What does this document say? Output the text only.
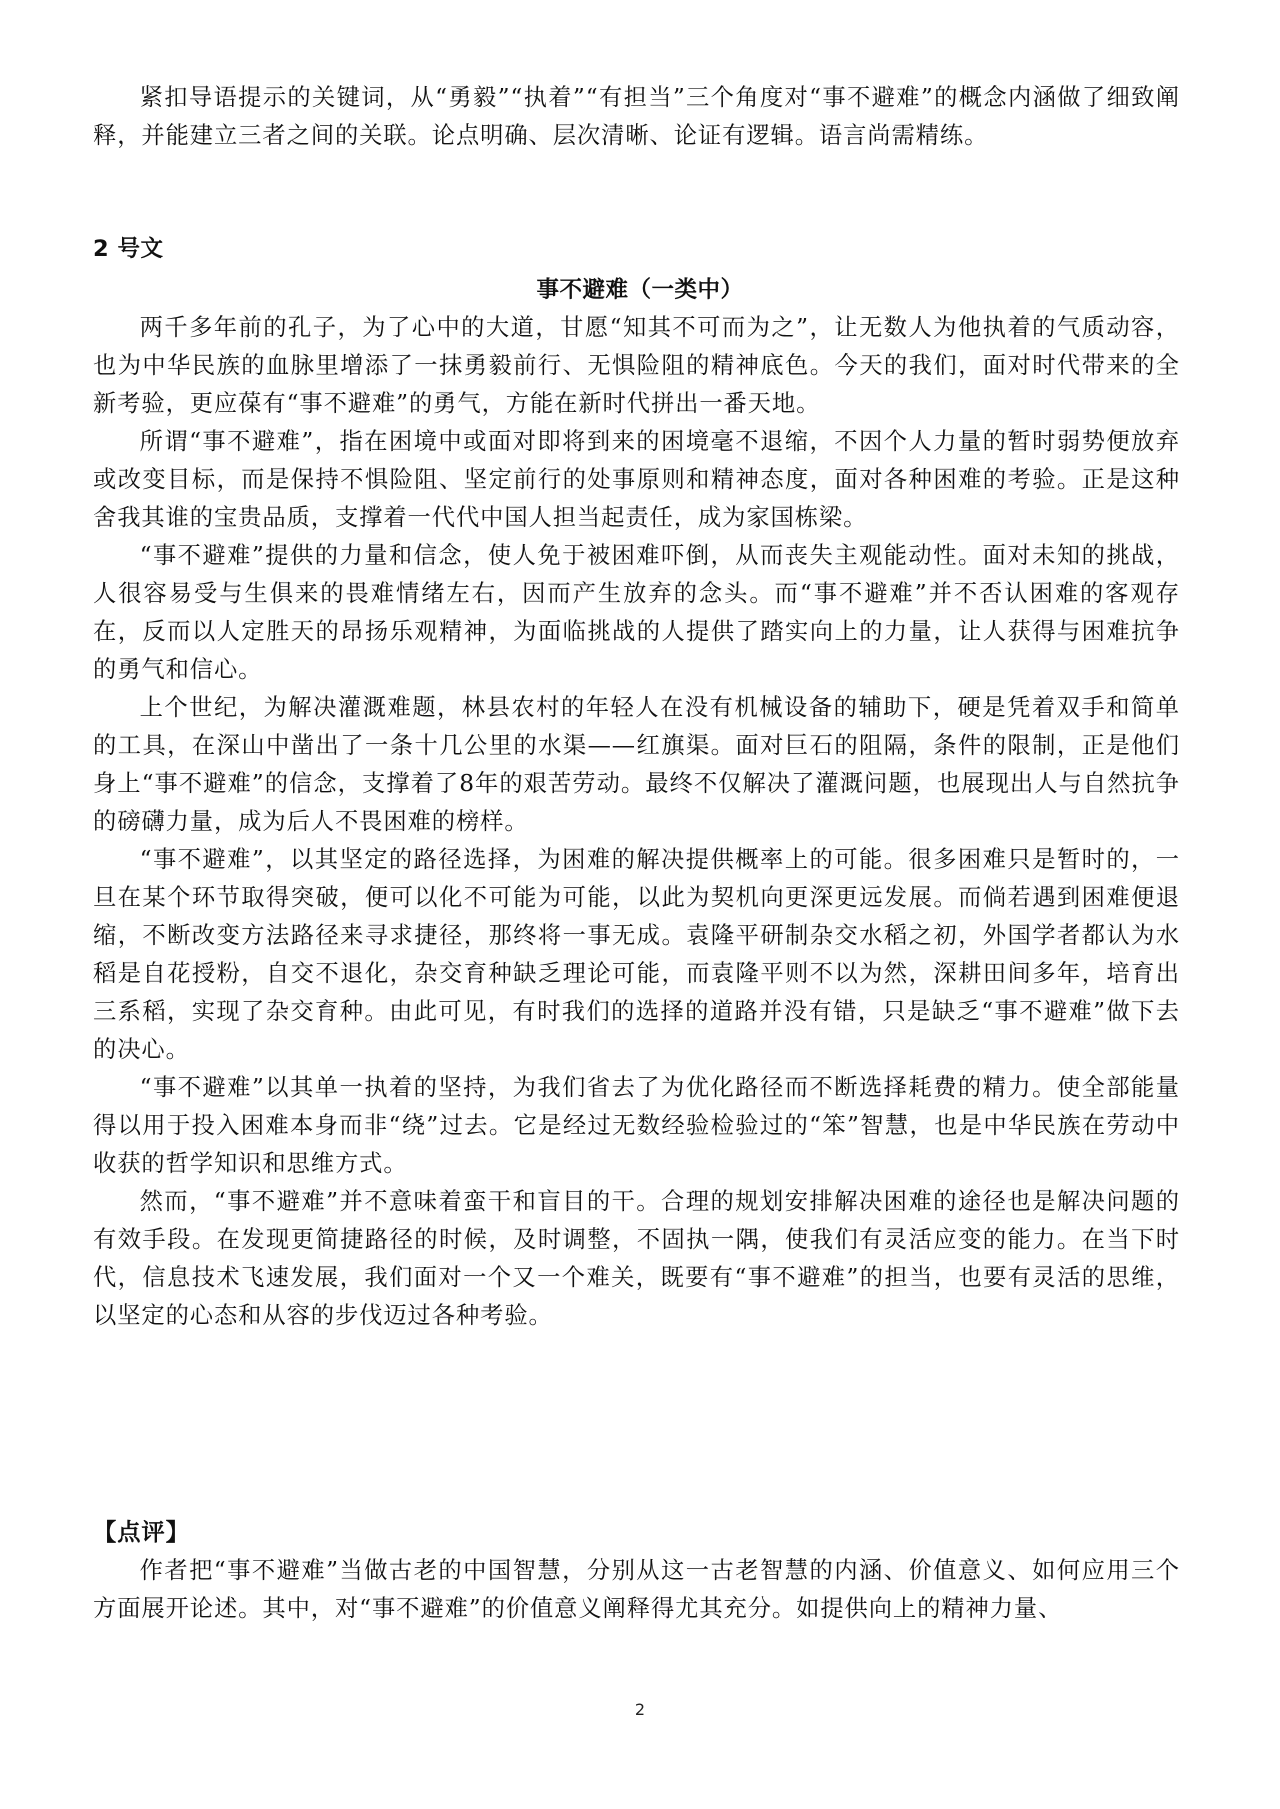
紧扣导语提示的关键词，从“勇毅”“执着”“有担当”三个角度对“事不避难”的概念内涵做了细致阐释，并能建立三者之间的关联。论点明确、层次清晰、论证有逻辑。语言尚需精练。

2 号文
事不避难（一类中）

两千多年前的孔子，为了心中的大道，甘愿“知其不可而为之”，让无数人为他执着的气质动容，也为中华民族的血脉里增添了一抹勇毅前行、无惧险阻的精神底色。今天的我们，面对时代带来的全新考验，更应葆有“事不避难”的勇气，方能在新时代拼出一番天地。

所谓“事不避难”，指在困境中或面对即将到来的困境毫不退缩，不因个人力量的暂时弱势便放弃或改变目标，而是保持不惧险阻、坚定前行的处事原则和精神态度，面对各种困难的考验。正是这种舍我其谁的宝贵品质，支撑着一代代中国人担当起责任，成为家国栋梁。

“事不避难”提供的力量和信念，使人免于被困难吓倒，从而丧失主观能动性。面对未知的挑战，人很容易受与生俱来的畏难情绪左右，因而产生放弃的念头。而“事不避难”并不否认困难的客观存在，反而以人定胜天的昂扬乐观精神，为面临挑战的人提供了踏实向上的力量，让人获得与困难抗争的勇气和信心。

上个世纪，为解决灌溉难题，林县农村的年轻人在没有机械设备的辅助下，硬是凭着双手和简单的工具，在深山中凿出了一条十几公里的水渠——红旗渠。面对巨石的阻隔，条件的限制，正是他们身上“事不避难”的信念，支撑着了8年的艰苦劳动。最终不仅解决了灌溉问题，也展现出人与自然抗争的磅礴力量，成为后人不畏困难的榜样。

“事不避难”，以其坚定的路径选择，为困难的解决提供概率上的可能。很多困难只是暂时的，一旦在某个环节取得突破，便可以化不可能为可能，以此为契机向更深更远发展。而倘若遇到困难便退缩，不断改变方法路径来寻求捷径，那终将一事无成。袁隆平研制杂交水稻之初，外国学者都认为水稻是自花授粉，自交不退化，杂交育种缺乏理论可能，而袁隆平则不以为然，深耕田间多年，培育出三系稻，实现了杂交育种。由此可见，有时我们的选择的道路并没有错，只是缺乏“事不避难”做下去的决心。

“事不避难”以其单一执着的坚持，为我们省去了为优化路径而不断选择耗费的精力。使全部能量得以用于投入困难本身而非“绕”过去。它是经过无数经验检验过的“笨”智慧，也是中华民族在劳动中收获的哲学知识和思维方式。

然而，“事不避难”并不意味着蛮干和盲目的干。合理的规划安排解决困难的途径也是解决问题的有效手段。在发现更简捷路径的时候，及时调整，不固执一隅，使我们有灵活应变的能力。在当下时代，信息技术飞速发展，我们面对一个又一个难关，既要有“事不避难”的担当，也要有灵活的思维，以坚定的心态和从容的步伐迈过各种考验。

【点评】

作者把“事不避难”当做古老的中国智慧，分别从这一古老智慧的内涵、价值意义、如何应用三个方面展开论述。其中，对“事不避难”的价值意义阐释得尤其充分。如提供向上的精神力量、

2
